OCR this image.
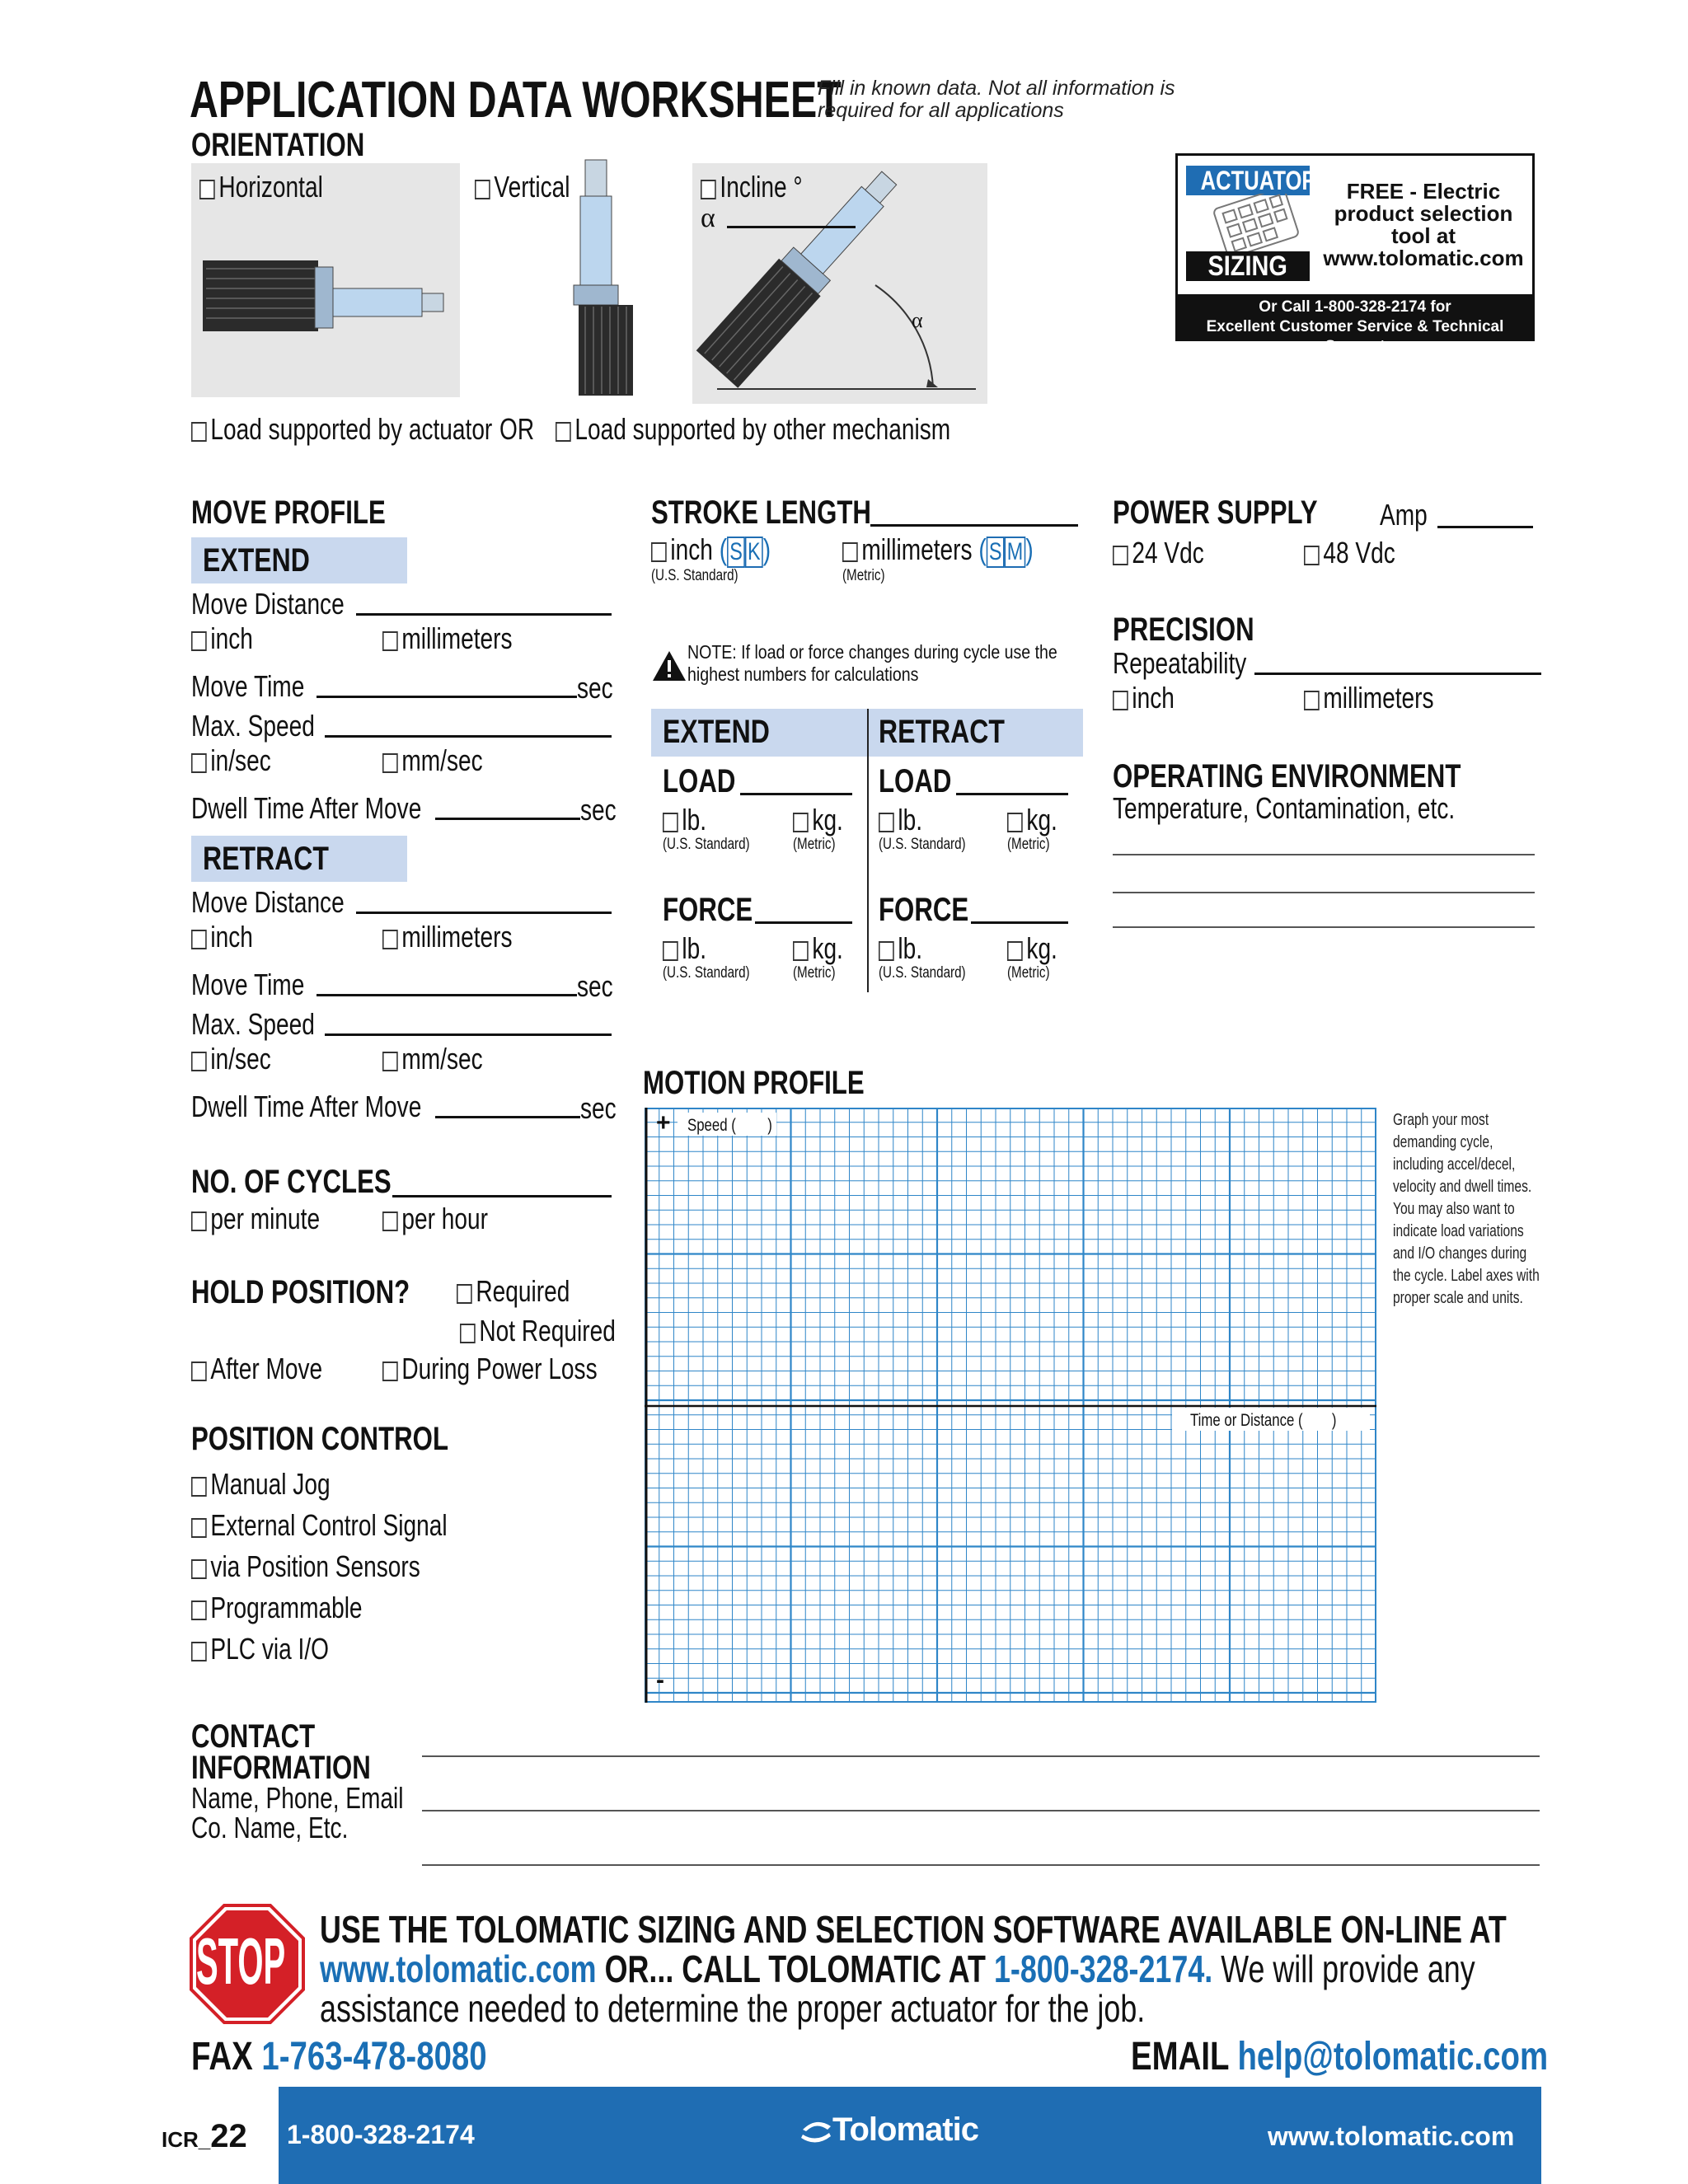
APPLICATION DATA WORKSHEET
Fill in known data. Not all information is
required for all applications
ORIENTATION
Horizontal	Vertical	Incline °
α
α
Load supported by actuator OR	Load supported by other mechanism
ACTUATOR
SIZING
FREE - Electric
product selection
tool at
www.tolomatic.com
Or Call 1-800-328-2174 for
Excellent Customer Service & Technical Support
MOVE PROFILE
EXTEND
Move Distance
inch	millimeters
Move Time	sec
Max. Speed
in/sec	mm/sec
Dwell Time After Move	sec
RETRACT
Move Distance
inch	millimeters
Move Time	sec
Max. Speed
in/sec	mm/sec
Dwell Time After Move	sec
NO. OF CYCLES
per minute	per hour
HOLD POSITION?	Required
Not Required
After Move	During Power Loss
POSITION CONTROL
Manual Jog
External Control Signal
via Position Sensors
Programmable
PLC via I/O
STROKE LENGTH
inch ( S K)	millimeters ( S M)
(U.S. Standard)	(Metric)
NOTE: If load or force changes during cycle use the
highest numbers for calculations
EXTEND	RETRACT
LOAD
lb.	kg.
(U.S. Standard)	(Metric)
LOAD
lb.	kg.
(U.S. Standard)	(Metric)
FORCE
lb.	kg.
(U.S. Standard)	(Metric)
FORCE
lb.	kg.
(U.S. Standard)	(Metric)
POWER SUPPLY Amp
24 Vdc	48 Vdc
PRECISION
Repeatability
inch	millimeters
OPERATING ENVIRONMENT
Temperature, Contamination, etc.
MOTION PROFILE
+
-
Speed ( )
Time or Distance ( )
Graph your most
demanding cycle,
including accel/decel,
velocity and dwell times.
You may also want to
indicate load variations
and I/O changes during
the cycle. Label axes with
proper scale and units.
CONTACT
INFORMATION
Name, Phone, Email
Co. Name, Etc.
STOP USE THE TOLOMATIC SIZING AND SELECTION SOFTWARE AVAILABLE ON-LINE AT
www.tolomatic.com OR... CALL TOLOMATIC AT 1-800-328-2174. We will provide any
assistance needed to determine the proper actuator for the job.
FAX 1-763-478-8080	EMAIL help@tolomatic.com
ICR_22 1-800-328-2174	Tolomatic	www.tolomatic.com
